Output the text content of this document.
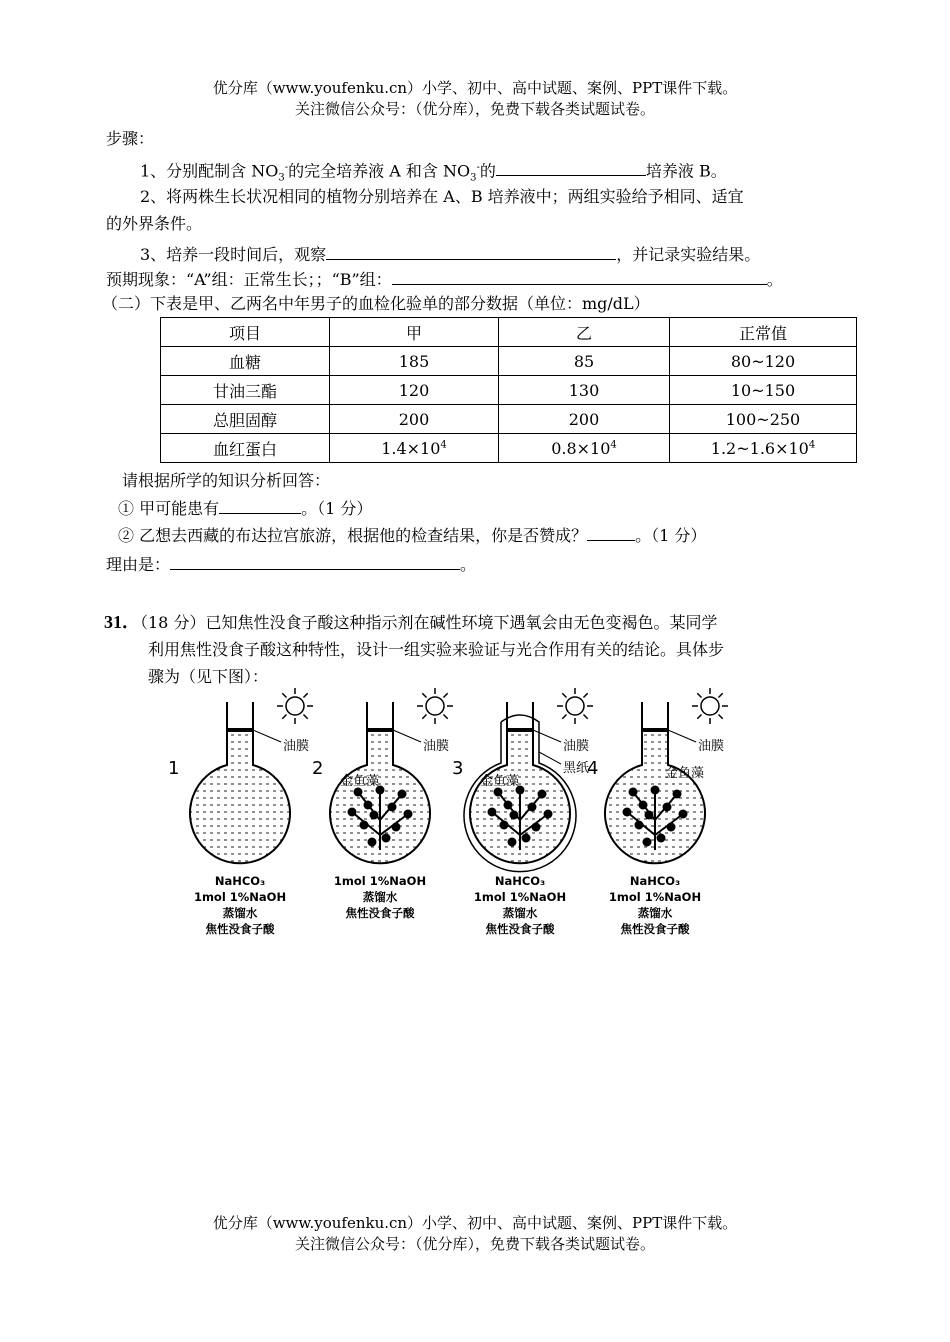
优分库（www.youfenku.cn）小学、初中、高中试题、案例、PPT课件下载。
关注微信公众号：（优分库），免费下载各类试题试卷。
步骤：
1、分别配制含 $NO_3^-$的完全培养液 A 和含 $NO_3^-$的	培养液 B。
2、将两株生长状况相同的植物分别培养在 A、B 培养液中；两组实验给予相同、适宜
的外界条件。
3、培养一段时间后，观察	，并记录实验结果。
预期现象：“A”组：正常生长；；“B”组：	。
（二）下表是甲、乙两名中年男子的血检化验单的部分数据（单位：mg/dL）
项目	甲	乙	正常值
血糖	185	85	80~120
甘油三酯	120	130	10~150
总胆固醇	200	200	100~250
血红蛋白	$1.4\times 10^4$	$0.8\times 10^4$	$1.2\sim 1.6\times 10^4$
请根据所学的知识分析回答：
① 甲可能患有	。（1 分）
② 乙想去西藏的布达拉宫旅游，根据他的检查结果，你是否赞成？	。（1 分）
理由是：	。
31．（18 分）已知焦性没食子酸这种指示剂在碱性环境下遇氧会由无色变褐色。某同学
利用焦性没食子酸这种特性，设计一组实验来验证与光合作用有关的结论。具体步
骤为（见下图）：
油膜
1
NaHCO₃
1mol 1%NaOH
蒸馏水
焦性没食子酸
油膜
2
金鱼藻
1mol 1%NaOH
蒸馏水
焦性没食子酸
油膜
3	黑纸
金鱼藻
NaHCO₃
1mol 1%NaOH
蒸馏水
焦性没食子酸
油膜
4	金鱼藻
NaHCO₃
1mol 1%NaOH
蒸馏水
焦性没食子酸
优分库（www.youfenku.cn）小学、初中、高中试题、案例、PPT课件下载。
关注微信公众号：（优分库），免费下载各类试题试卷。
